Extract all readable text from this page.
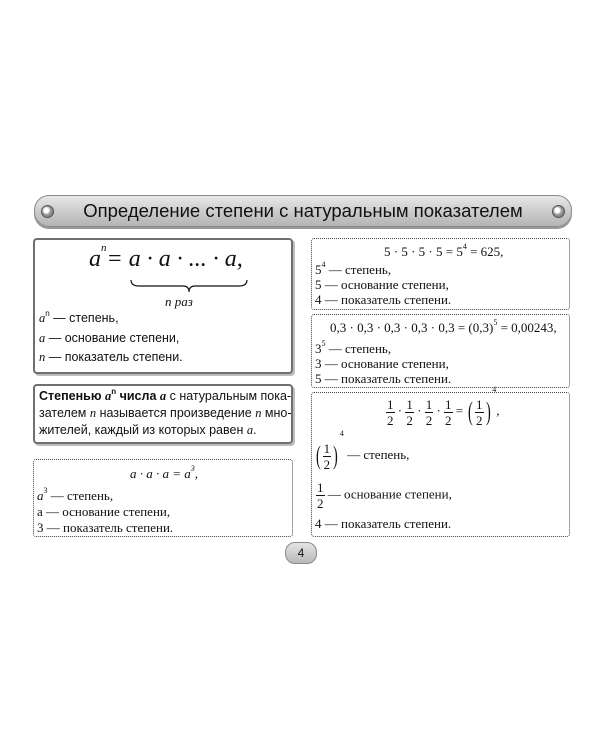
Определение степени с натуральным показателем
$a^n= a \cdot a$ · ... · a,
n раз
$a^n$ — степень,
a — основание степени,
n — показатель степени.
Степенью $a^n$ числа a с натуральным пока-
зателем n называется произведение n мно-
жителей, каждый из которых равен a.
$a \cdot a \cdot a = a^3$,
$a^3$ — степень,
a — основание степени,
3 — показатель степени.
$5 \cdot 5 \cdot 5 \cdot 5 = 5^4 = 625$,
$5^4$ — степень,
5 — основание степени,
4 — показатель степени.
$0,3 \cdot 0,3 \cdot 0,3 \cdot 0,3 \cdot 0,3 = (0,3)^5 = 0,00243$,
$3^5$ — степень,
3 — основание степени,
5 — показатель степени.
$\frac{1}{2} \cdot \frac{1}{2} \cdot \frac{1}{2} \cdot \frac{1}{2}$ = ( $\frac{1}{2} )^4$,
( $\frac{1}{2} )^4$ — степень,
$\frac{1}{2}$ — основание степени,
4 — показатель степени.
4
